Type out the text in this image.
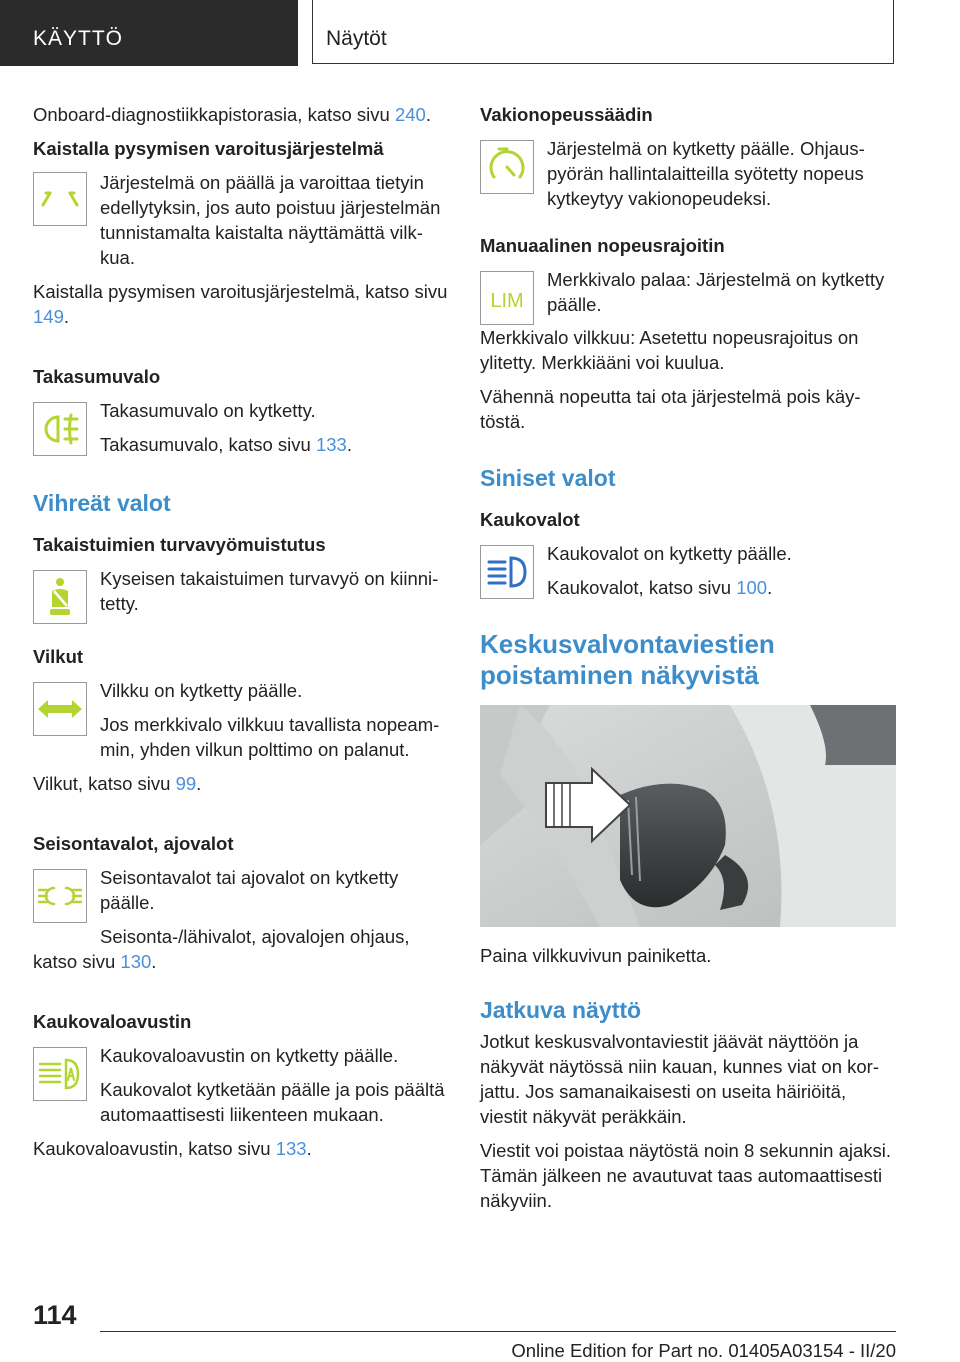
KÄYTTÖ	Näytöt

Onboard-diagnostiikkapistorasia, katso sivu 240.

Kaistalla pysymisen varoitusjärjestelmä

Järjestelmä on päällä ja varoittaa tietyin edellytyksin, jos auto poistuu järjestelmän tunnistamalta kaistalta näyttämättä vilkkua.

Kaistalla pysymisen varoitusjärjestelmä, katso sivu 149.

Takasumuvalo

Takasumuvalo on kytketty.

Takasumuvalo, katso sivu 133.

Vihreät valot
Takaistuimien turvavyömuistutus

Kyseisen takaistuimen turvavyö on kiinnitetty.

Vilkut

Vilkku on kytketty päälle.

Jos merkkivalo vilkkuu tavallista nopeammin, yhden vilkun polttimo on palanut.

Vilkut, katso sivu 99.

Seisontavalot, ajovalot

Seisontavalot tai ajovalot on kytketty päälle.

Seisonta-/lähivalot, ajovalojen ohjaus, katso sivu 130.

Kaukovaloavustin

Kaukovaloavustin on kytketty päälle.

Kaukovalot kytketään päälle ja pois päältä automaattisesti liikenteen mukaan.

Kaukovaloavustin, katso sivu 133.

Vakionopeussäädin

Järjestelmä on kytketty päälle. Ohjauspyörän hallintalaitteilla syötetty nopeus kytkeytyy vakionopeudeksi.

Manuaalinen nopeusrajoitin
LIM

Merkkivalo palaa: Järjestelmä on kytketty päälle.

Merkkivalo vilkkuu: Asetettu nopeusrajoitus on ylitetty. Merkkiääni voi kuulua.

Vähennä nopeutta tai ota järjestelmä pois käytöstä.

Siniset valot
Kaukovalot

Kaukovalot on kytketty päälle.

Kaukovalot, katso sivu 100.

Keskusvalvontaviestien poistaminen näkyvistä

Paina vilkkuvivun painiketta.

Jatkuva näyttö

Jotkut keskusvalvontaviestit jäävät näyttöön ja näkyvät näytössä niin kauan, kunnes viat on korjattu. Jos samanaikaisesti on useita häiriöitä, viestit näkyvät peräkkäin.

Viestit voi poistaa näytöstä noin 8 sekunnin ajaksi. Tämän jälkeen ne avautuvat taas automaattisesti näkyviin.

114
Online Edition for Part no. 01405A03154 - II/20
